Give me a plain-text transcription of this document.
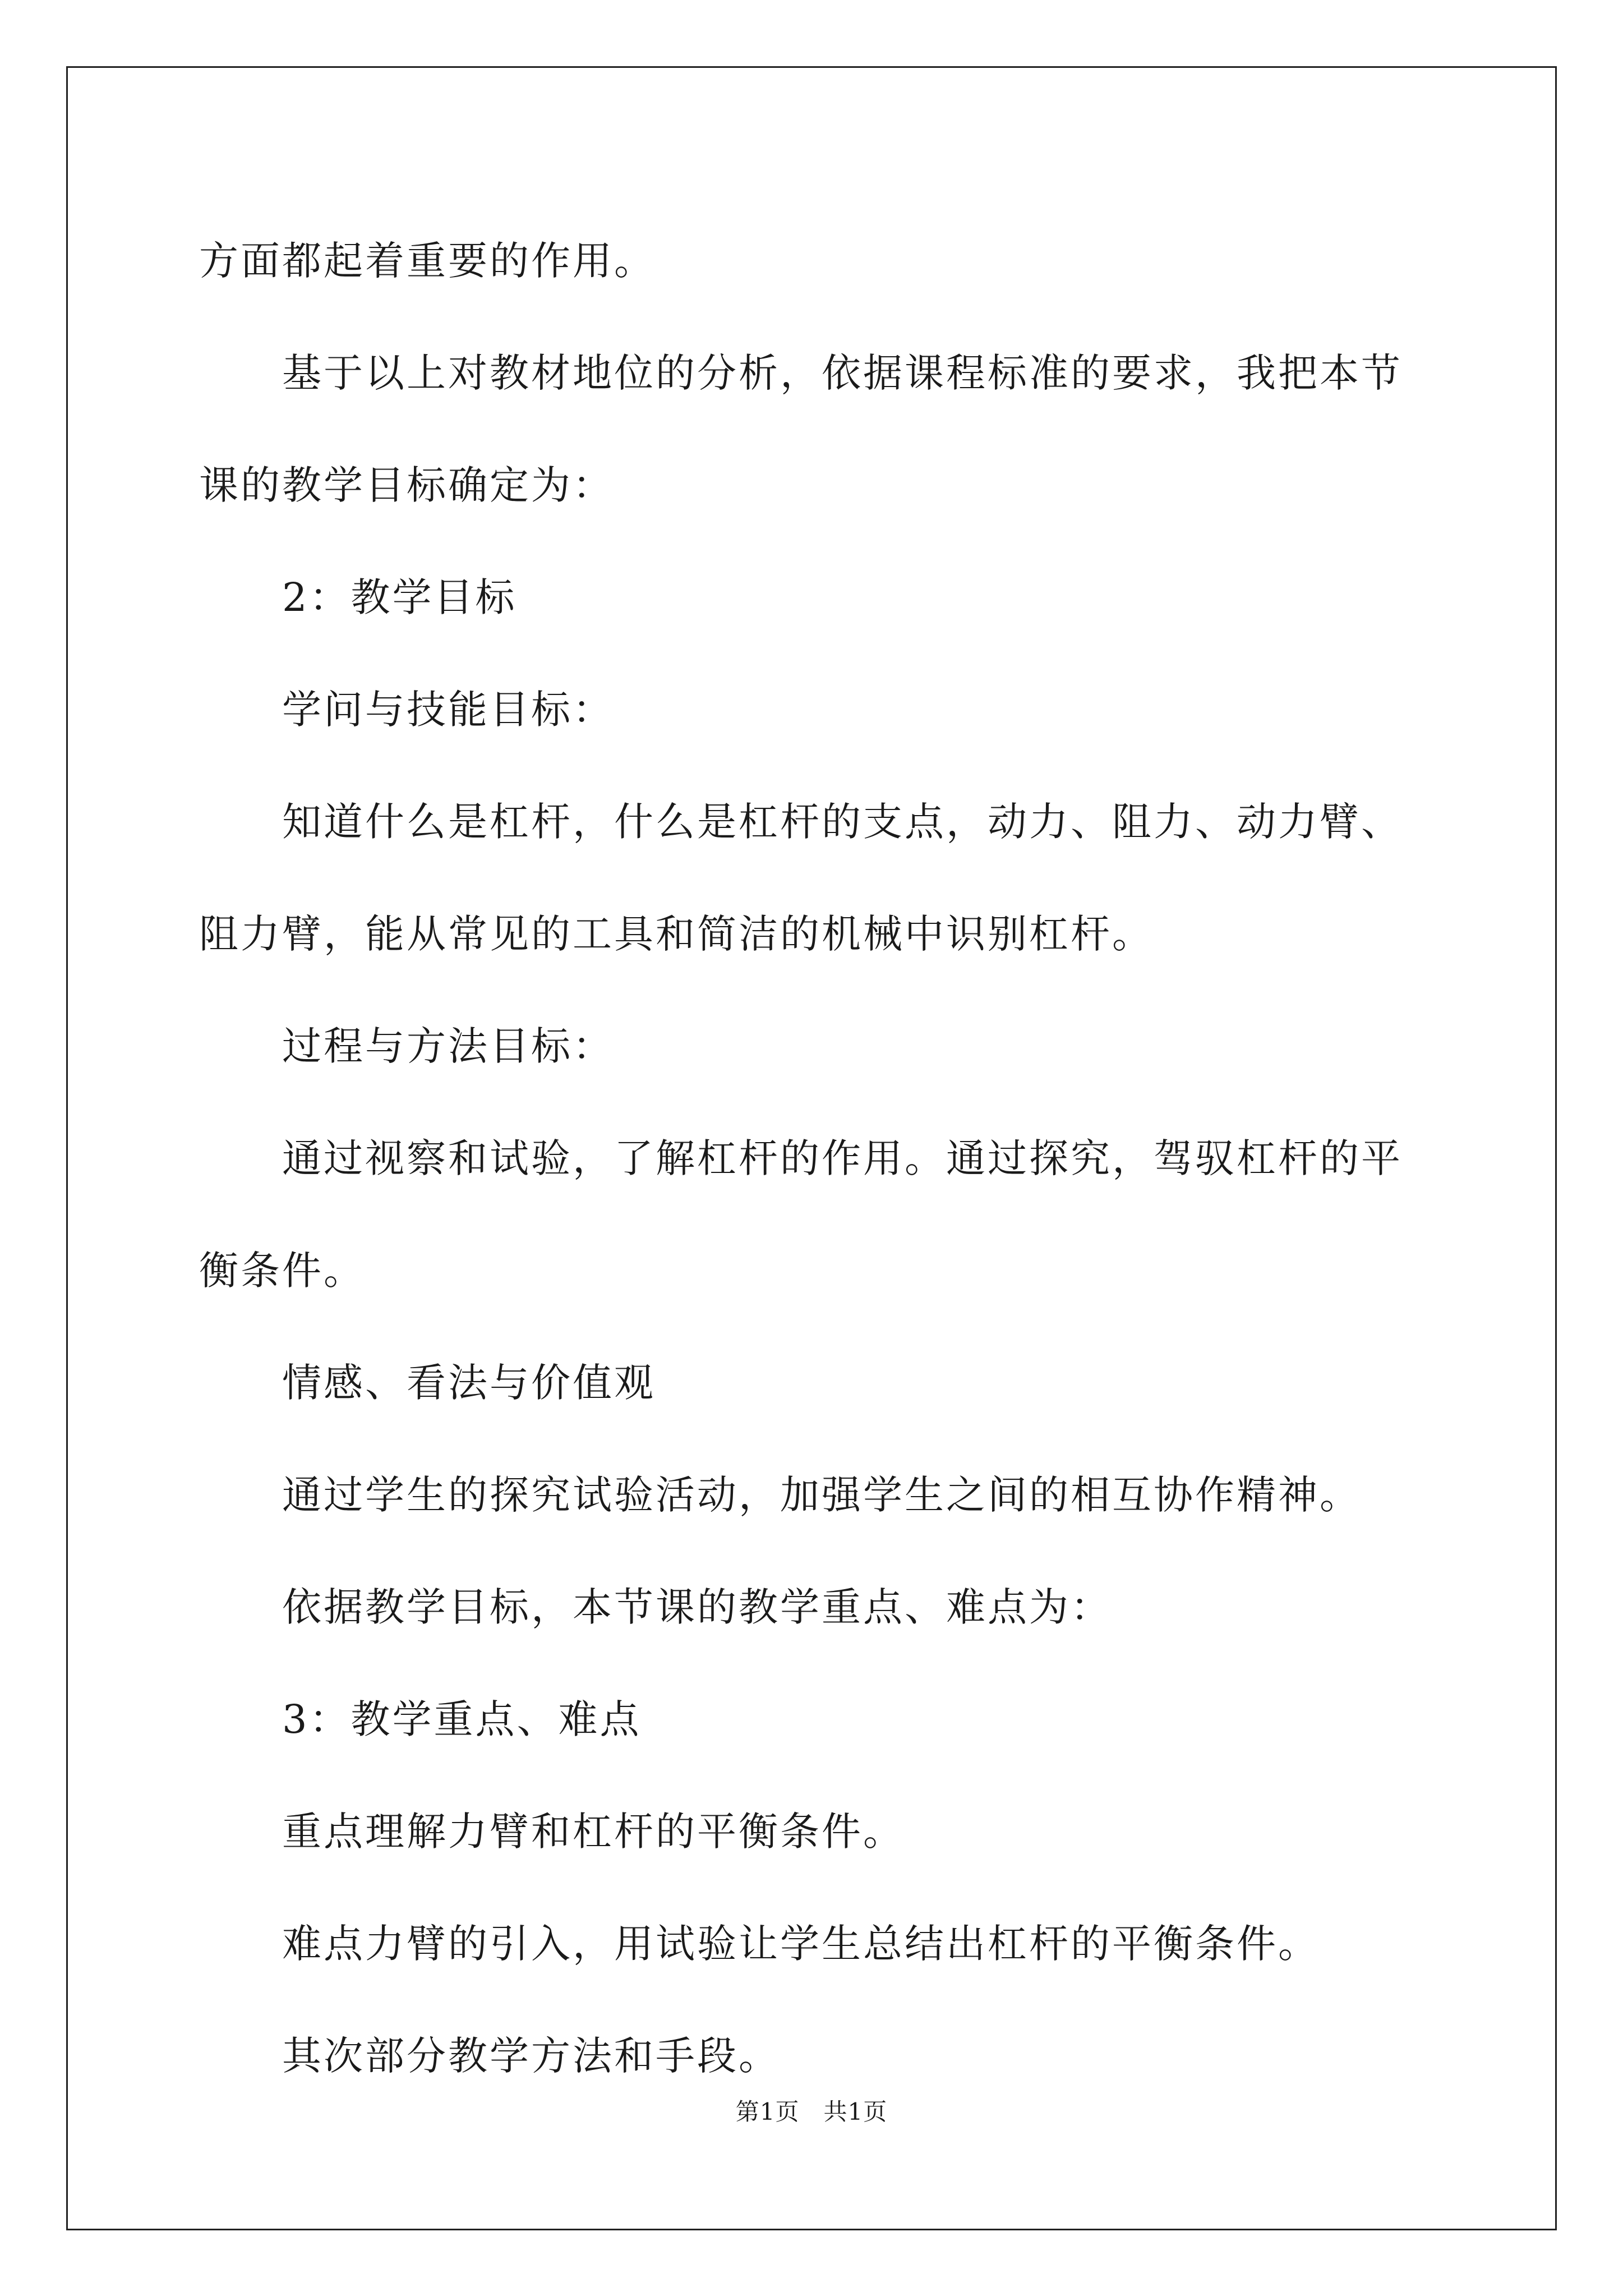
方面都起着重要的作用。

基于以上对教材地位的分析，依据课程标准的要求，我把本节课的教学目标确定为：

2：教学目标

学问与技能目标：

知道什么是杠杆，什么是杠杆的支点，动力、阻力、动力臂、阻力臂，能从常见的工具和简洁的机械中识别杠杆。

过程与方法目标：

通过视察和试验，了解杠杆的作用。通过探究，驾驭杠杆的平衡条件。

情感、看法与价值观

通过学生的探究试验活动，加强学生之间的相互协作精神。

依据教学目标，本节课的教学重点、难点为：

3：教学重点、难点

重点理解力臂和杠杆的平衡条件。

难点力臂的引入，用试验让学生总结出杠杆的平衡条件。

其次部分教学方法和手段。

第1页　共1页
